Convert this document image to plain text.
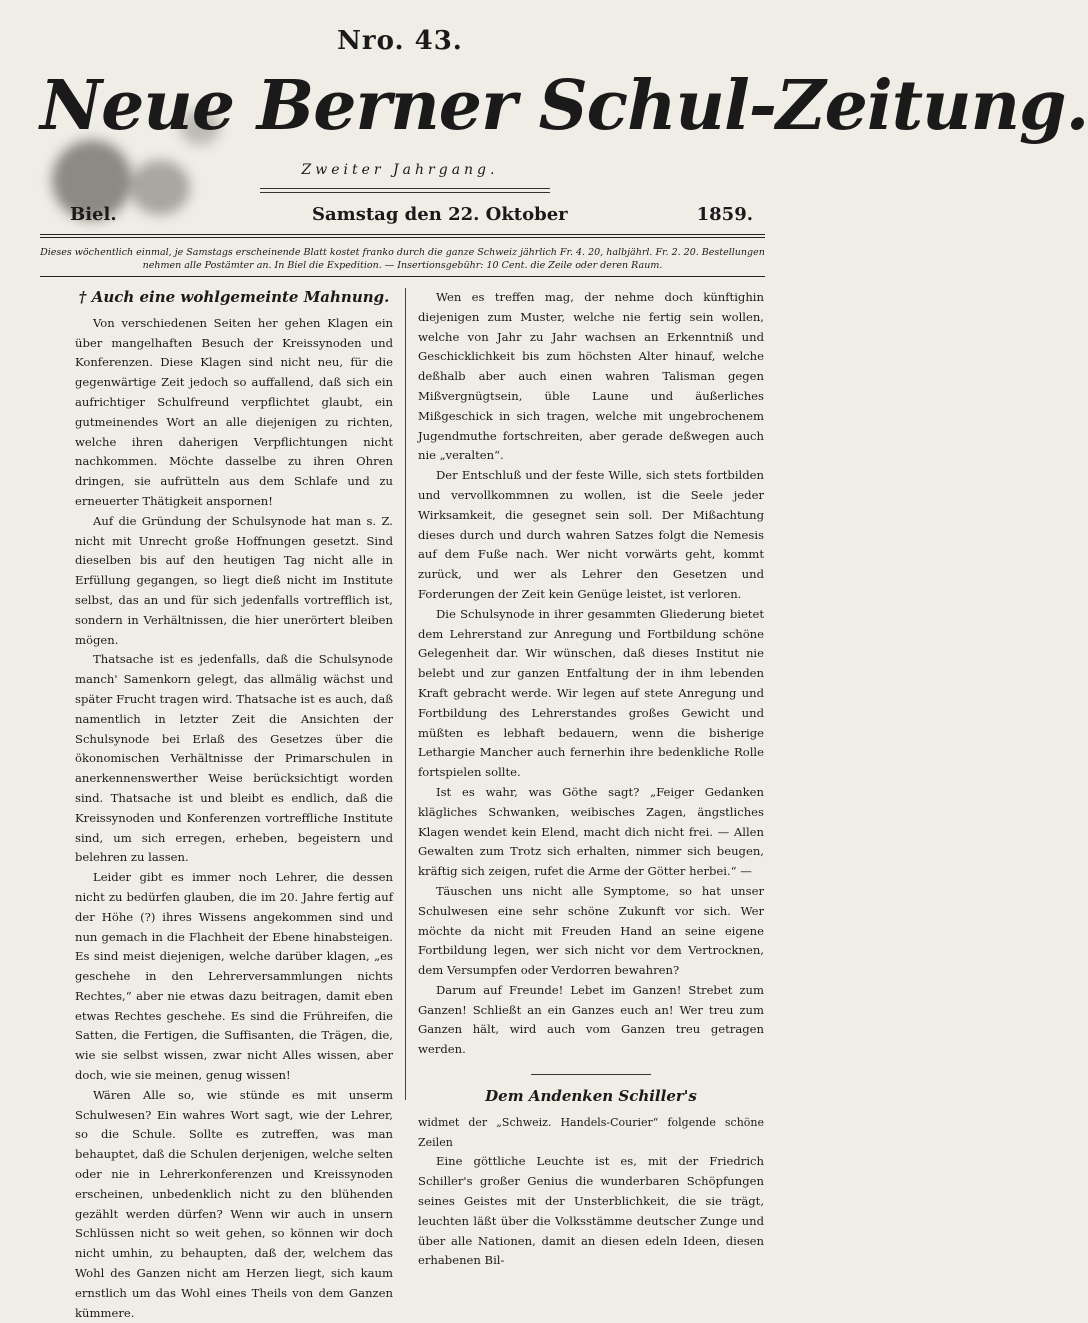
Nro. 43.
Neue Berner Schul-Zeitung.
Zweiter Jahrgang.
Biel.	Samstag den 22. Oktober	1859.
Dieses wöchentlich einmal, je Samstags erscheinende Blatt kostet franko durch die ganze Schweiz jährlich Fr. 4. 20, halbjährl. Fr. 2. 20. Bestellungen nehmen alle Postämter an. In Biel die Expedition. — Insertionsgebühr: 10 Cent. die Zeile oder deren Raum.
† Auch eine wohlgemeinte Mahnung.

Von verschiedenen Seiten her gehen Klagen ein über mangelhaften Besuch der Kreissynoden und Konferenzen. Diese Klagen sind nicht neu, für die gegenwärtige Zeit jedoch so auffallend, daß sich ein aufrichtiger Schulfreund verpflichtet glaubt, ein gutmeinendes Wort an alle diejenigen zu richten, welche ihren daherigen Verpflichtungen nicht nachkommen. Möchte dasselbe zu ihren Ohren dringen, sie aufrütteln aus dem Schlafe und zu erneuerter Thätigkeit anspornen!

Auf die Gründung der Schulsynode hat man s. Z. nicht mit Unrecht große Hoffnungen gesetzt. Sind dieselben bis auf den heutigen Tag nicht alle in Erfüllung gegangen, so liegt dieß nicht im Institute selbst, das an und für sich jedenfalls vortrefflich ist, sondern in Verhältnissen, die hier unerörtert bleiben mögen.

Thatsache ist es jedenfalls, daß die Schulsynode manch' Samenkorn gelegt, das allmälig wächst und später Frucht tragen wird. Thatsache ist es auch, daß namentlich in letzter Zeit die Ansichten der Schulsynode bei Erlaß des Gesetzes über die ökonomischen Verhältnisse der Primarschulen in anerkennenswerther Weise berücksichtigt worden sind. Thatsache ist und bleibt es endlich, daß die Kreissynoden und Konferenzen vortreffliche Institute sind, um sich erregen, erheben, begeistern und belehren zu lassen.

Leider gibt es immer noch Lehrer, die dessen nicht zu bedürfen glauben, die im 20. Jahre fertig auf der Höhe (?) ihres Wissens angekommen sind und nun gemach in die Flachheit der Ebene hinabsteigen. Es sind meist diejenigen, welche darüber klagen, „es geschehe in den Lehrerversammlungen nichts Rechtes,“ aber nie etwas dazu beitragen, damit eben etwas Rechtes geschehe. Es sind die Frühreifen, die Satten, die Fertigen, die Suffisanten, die Trägen, die, wie sie selbst wissen, zwar nicht Alles wissen, aber doch, wie sie meinen, genug wissen!

Wären Alle so, wie stünde es mit unserm Schulwesen? Ein wahres Wort sagt, wie der Lehrer, so die Schule. Sollte es zutreffen, was man behauptet, daß die Schulen derjenigen, welche selten oder nie in Lehrerkonferenzen und Kreissynoden erscheinen, unbedenklich nicht zu den blühenden gezählt werden dürfen? Wenn wir auch in unsern Schlüssen nicht so weit gehen, so können wir doch nicht umhin, zu behaupten, daß der, welchem das Wohl des Ganzen nicht am Herzen liegt, sich kaum ernstlich um das Wohl eines Theils von dem Ganzen kümmere.

Wen es treffen mag, der nehme doch künftighin diejenigen zum Muster, welche nie fertig sein wollen, welche von Jahr zu Jahr wachsen an Erkenntniß und Geschicklichkeit bis zum höchsten Alter hinauf, welche deßhalb aber auch einen wahren Talisman gegen Mißvergnügtsein, üble Laune und äußerliches Mißgeschick in sich tragen, welche mit ungebrochenem Jugendmuthe fortschreiten, aber gerade deßwegen auch nie „veralten“.

Der Entschluß und der feste Wille, sich stets fortbilden und vervollkommnen zu wollen, ist die Seele jeder Wirksamkeit, die gesegnet sein soll. Der Mißachtung dieses durch und durch wahren Satzes folgt die Nemesis auf dem Fuße nach. Wer nicht vorwärts geht, kommt zurück, und wer als Lehrer den Gesetzen und Forderungen der Zeit kein Genüge leistet, ist verloren.

Die Schulsynode in ihrer gesammten Gliederung bietet dem Lehrerstand zur Anregung und Fortbildung schöne Gelegenheit dar. Wir wünschen, daß dieses Institut nie belebt und zur ganzen Entfaltung der in ihm lebenden Kraft gebracht werde. Wir legen auf stete Anregung und Fortbildung des Lehrerstandes großes Gewicht und müßten es lebhaft bedauern, wenn die bisherige Lethargie Mancher auch fernerhin ihre bedenkliche Rolle fortspielen sollte.

Ist es wahr, was Göthe sagt? „Feiger Gedanken klägliches Schwanken, weibisches Zagen, ängstliches Klagen wendet kein Elend, macht dich nicht frei. — Allen Gewalten zum Trotz sich erhalten, nimmer sich beugen, kräftig sich zeigen, rufet die Arme der Götter herbei.“ —

Täuschen uns nicht alle Symptome, so hat unser Schulwesen eine sehr schöne Zukunft vor sich. Wer möchte da nicht mit Freuden Hand an seine eigene Fortbildung legen, wer sich nicht vor dem Vertrocknen, dem Versumpfen oder Verdorren bewahren?

Darum auf Freunde! Lebet im Ganzen! Strebet zum Ganzen! Schließt an ein Ganzes euch an! Wer treu zum Ganzen hält, wird auch vom Ganzen treu getragen werden.

Dem Andenken Schiller's

widmet der „Schweiz. Handels-Courier“ folgende schöne Zeilen

Eine göttliche Leuchte ist es, mit der Friedrich Schiller's großer Genius die wunderbaren Schöpfungen seines Geistes mit der Unsterblichkeit, die sie trägt, leuchten läßt über die Volksstämme deutscher Zunge und über alle Nationen, damit an diesen edeln Ideen, diesen erhabenen Bil-
